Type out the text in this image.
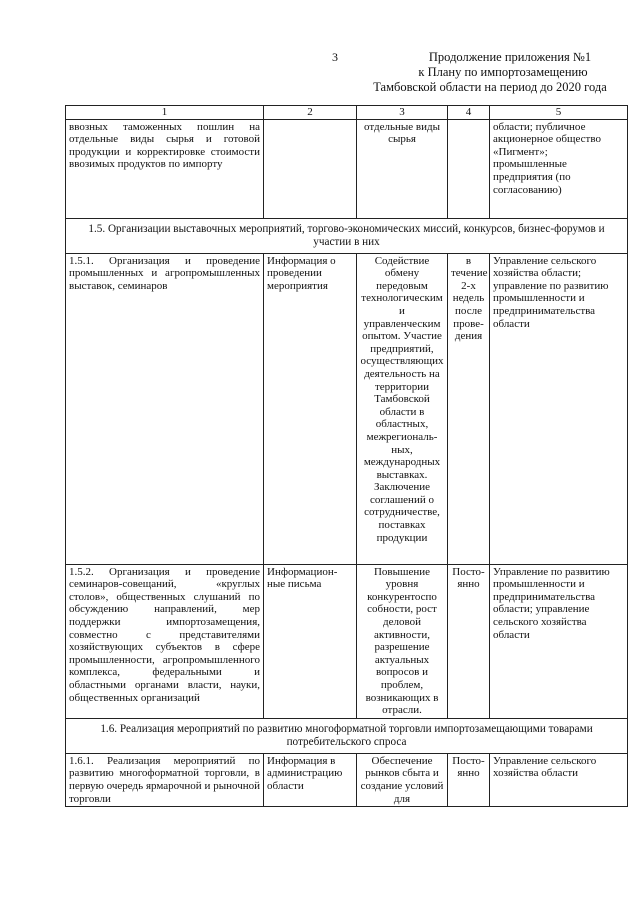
3	Продолжение приложения №1
к Плану по импортозамещению
Тамбовской области на период до 2020 года
1	2	3	4	5
ввозных таможенных пошлин на отдельные виды сырья и готовой продукции и корректировке стоимости ввозимых продуктов по импорту		отдельные виды сырья		области; публичное акционерное общество «Пигмент»; промышленные предприятия (по согласованию)
1.5. Организации выставочных мероприятий, торгово-экономических миссий, конкурсов, бизнес-форумов и участии в них				
1.5.1. Организация и проведение промышленных и агропромышленных выставок, семинаров	Информация о проведении мероприятия	Содействие обмену передовым технологическим и управленческим опытом. Участие предприятий, осуществляющих деятельность на территории Тамбовской области в областных, межрегиональ-ных, международных выставках. Заключение соглашений о сотрудничестве, поставках продукции	в течение 2-х недель после прове-дения	Управление сельского хозяйства области; управление по развитию промышленности и предпринимательства области
1.5.2. Организация и проведение семинаров-совещаний, «круглых столов», общественных слушаний по обсуждению направлений, мер поддержки импортозамещения, совместно с представителями хозяйствующих субъектов в сфере промышленности, агропромышленного комплекса, федеральными и областными органами власти, науки, общественных организаций	Информацион-ные письма	Повышение уровня конкурентоспо собности, рост деловой активности, разрешение актуальных вопросов и проблем, возникающих в отрасли.	Посто-янно	Управление по развитию промышленности и предпринимательства области; управление сельского хозяйства области
1.6. Реализация мероприятий по развитию многоформатной торговли импортозамещающими товарами потребительского спроса				
1.6.1. Реализация мероприятий по развитию многоформатной торговли, в первую очередь ярмарочной и рыночной торговли	Информация в администрацию области	Обеспечение рынков сбыта и создание условий для	Посто-янно	Управление сельского хозяйства области
